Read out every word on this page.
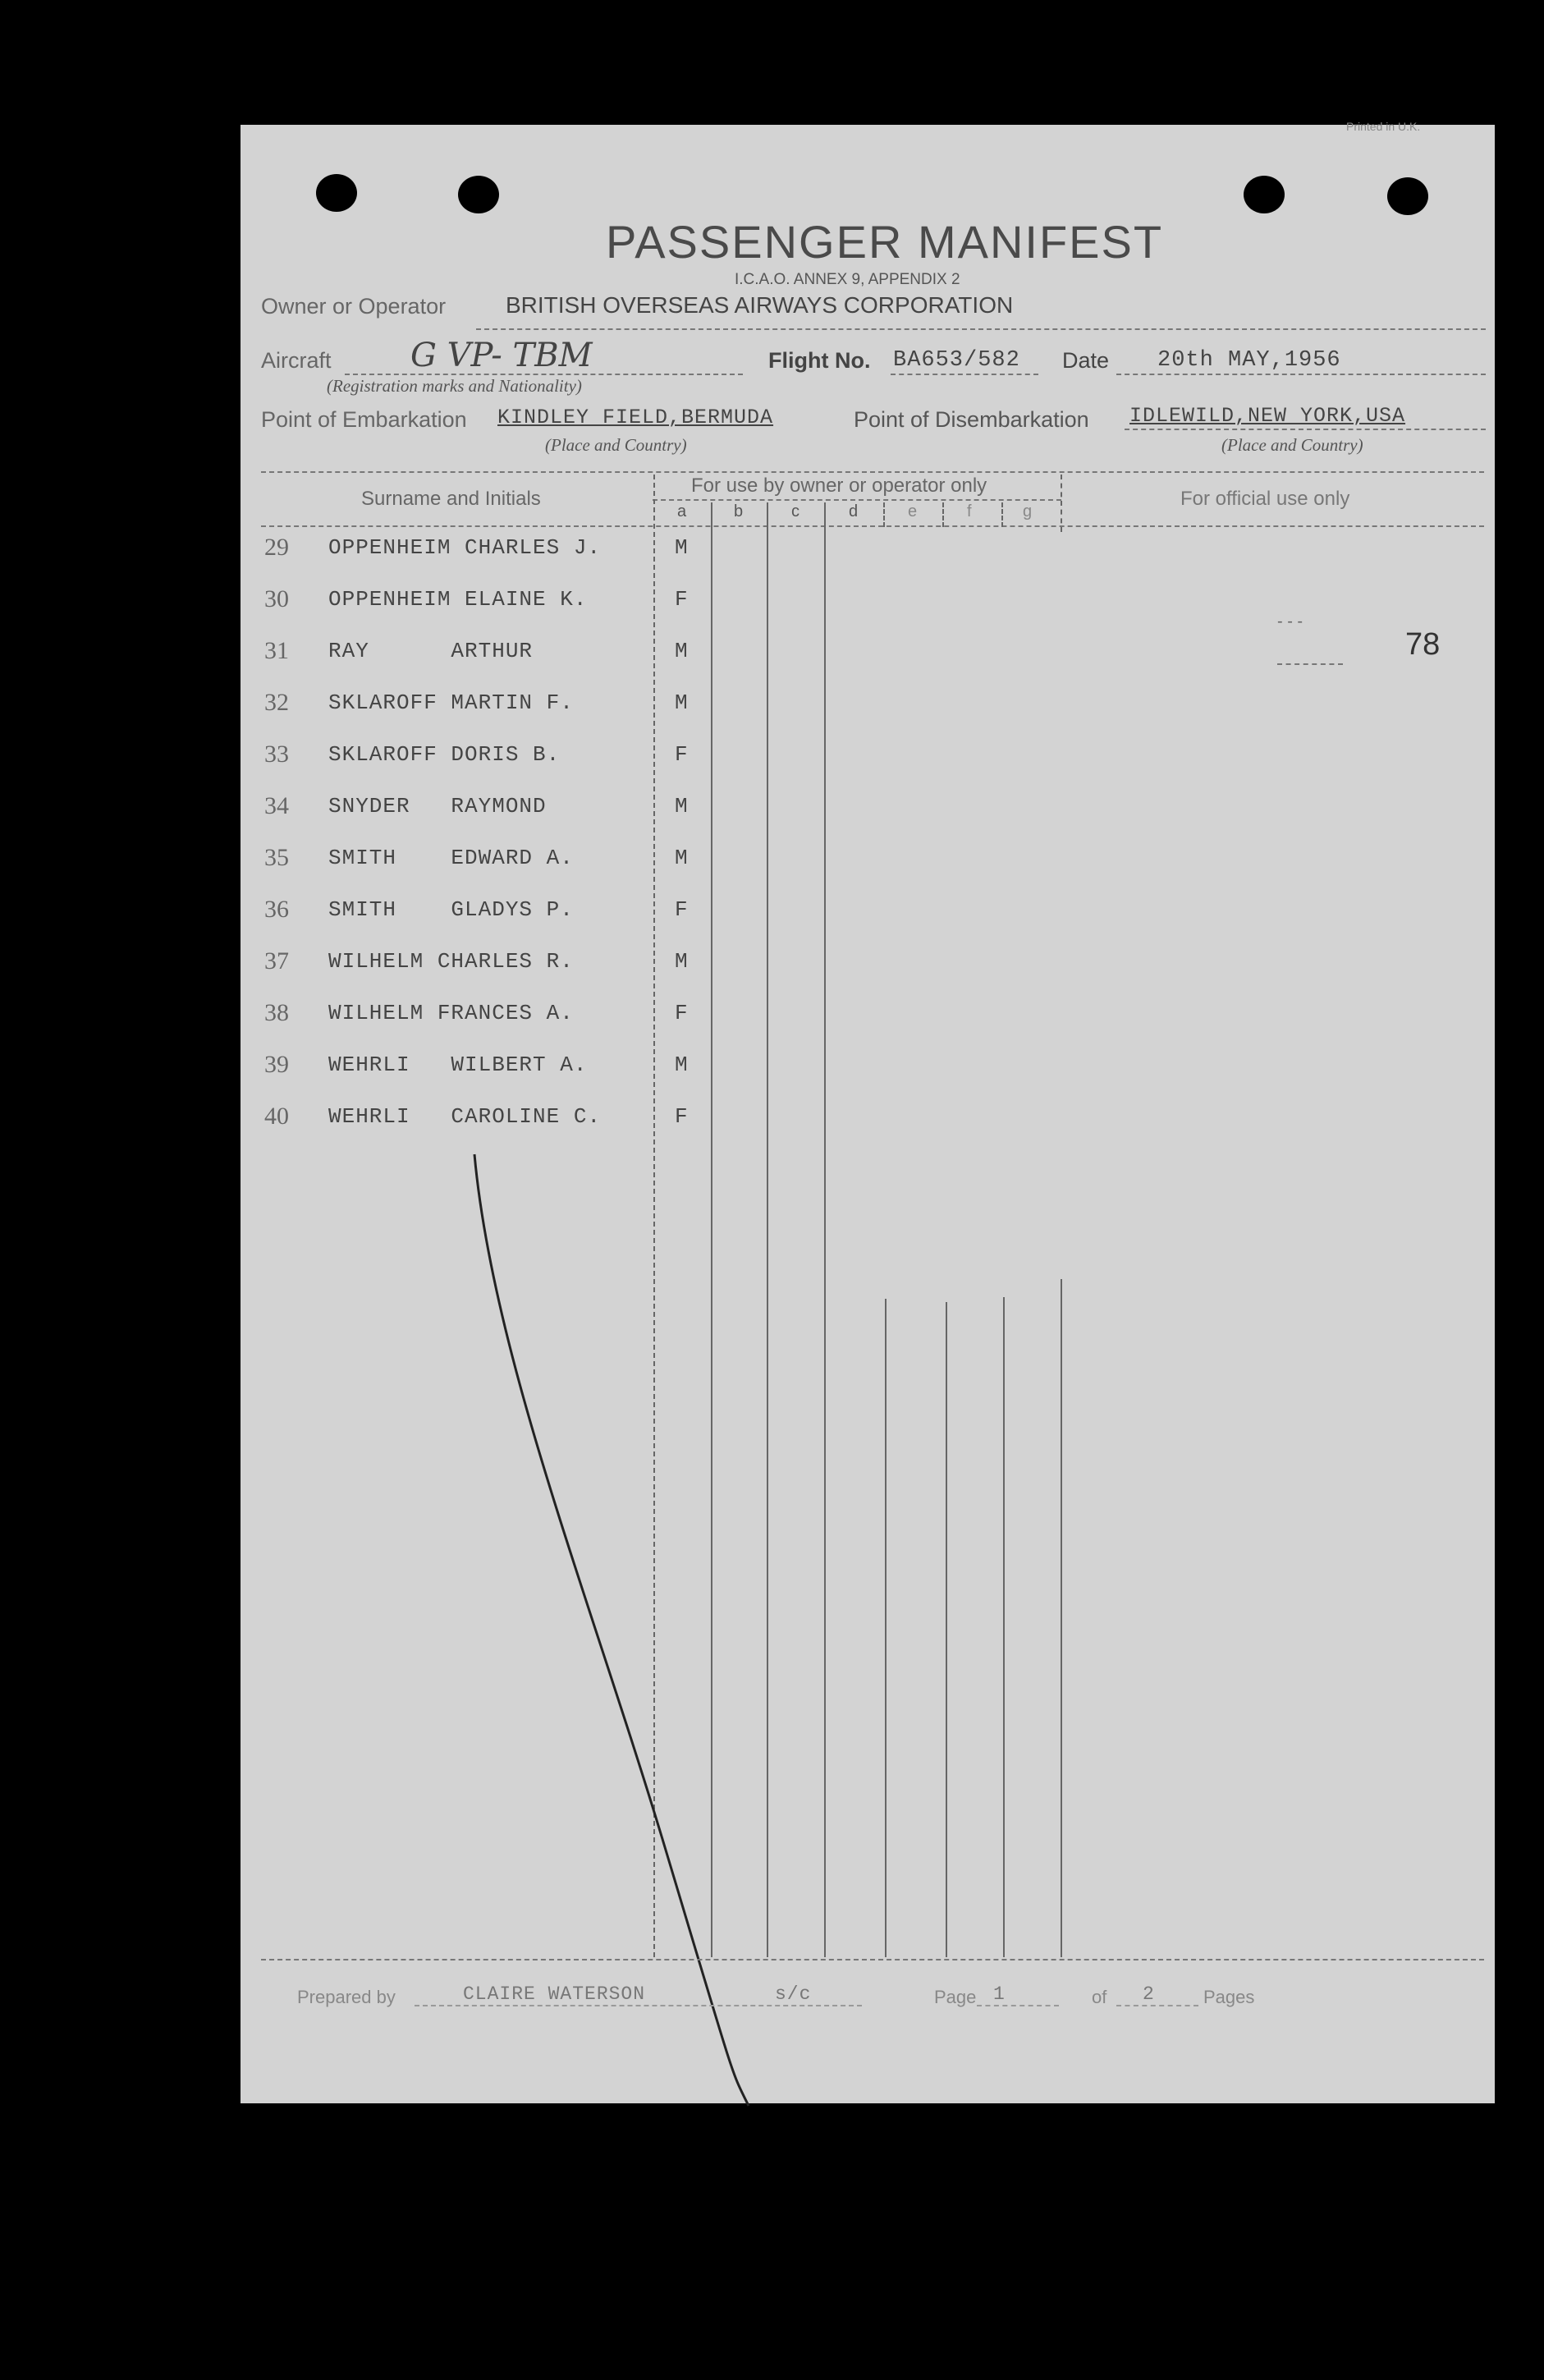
Printed in U.K.
PASSENGER MANIFEST
I.C.A.O. ANNEX 9, APPENDIX 2
Owner or Operator	BRITISH OVERSEAS AIRWAYS CORPORATION
Aircraft G VP- TBM
(Registration marks and Nationality)
Flight No. BA653/582 Date 20th MAY,1956
Point of Embarkation KINDLEY FIELD,BERMUDA
(Place and Country)
Point of Disembarkation IDLEWILD,NEW YORK,USA
(Place and Country)
Surname and Initials
For use by owner or operator only
For official use only
a	b	c	d	e	f	g
29 OPPENHEIM CHARLES J.	M
30 OPPENHEIM ELAINE K.	F
31 RAY      ARTHUR	M
32 SKLAROFF MARTIN F.	M
33 SKLAROFF DORIS B.	F
34 SNYDER   RAYMOND	M
35 SMITH    EDWARD A.	M
36 SMITH    GLADYS P.	F
37 WILHELM CHARLES R.	M
38 WILHELM FRANCES A.	F
39 WEHRLI   WILBERT A.	M
40 WEHRLI   CAROLINE C.	F
- - -
78
Prepared by	CLAIRE WATERSON	s/c	Page 1	of 2	Pages
